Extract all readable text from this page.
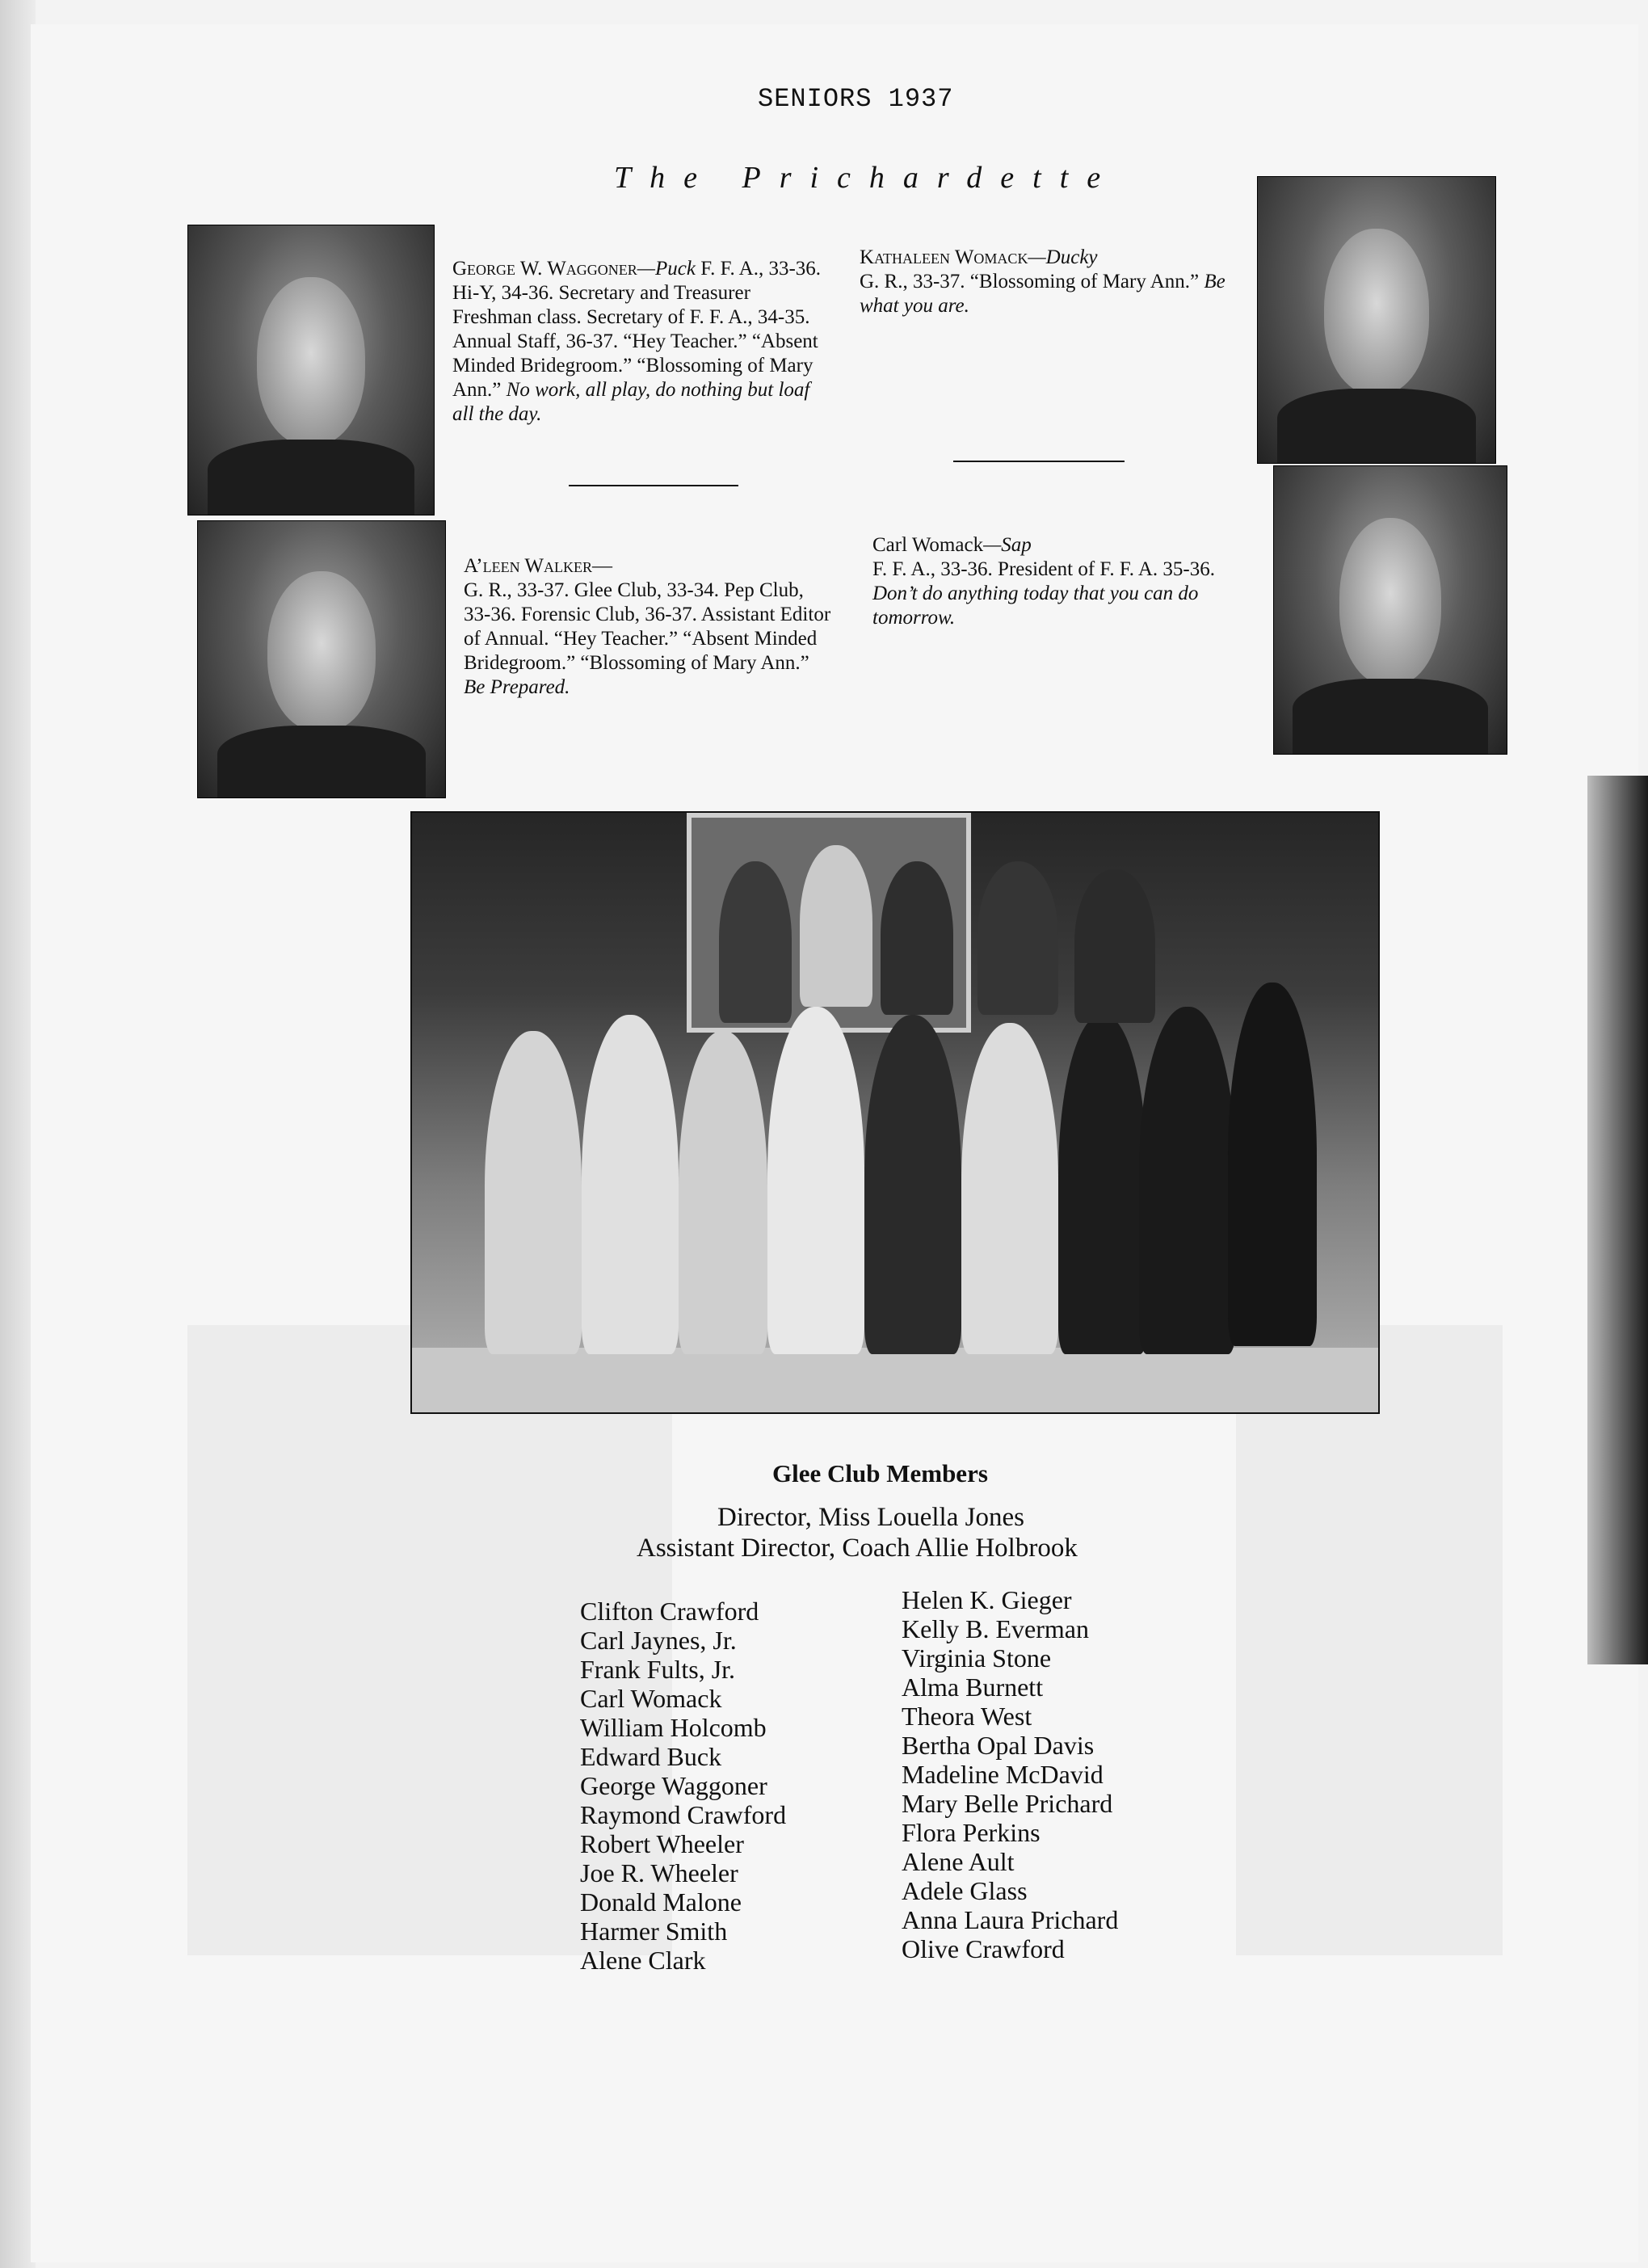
SENIORS 1937
The Prichardette
George W. Waggoner—Puck F. F. A., 33-36. Hi-Y, 34-36. Secretary and Treasurer Freshman class. Secretary of F. F. A., 34-35. Annual Staff, 36-37. “Hey Teacher.” “Absent Minded Bridegroom.” “Blossoming of Mary Ann.” No work, all play, do nothing but loaf all the day.
Kathaleen Womack—Ducky
G. R., 33-37. “Blossoming of Mary Ann.” Be what you are.
A’leen Walker—
G. R., 33-37. Glee Club, 33-34. Pep Club, 33-36. Forensic Club, 36-37. Assistant Editor of Annual. “Hey Teacher.” “Absent Minded Bridegroom.” “Blossoming of Mary Ann.” Be Prepared.
Carl Womack—Sap
F. F. A., 33-36. President of F. F. A. 35-36. Don’t do anything today that you can do tomorrow.
Glee Club Members
Director, Miss Louella Jones
Assistant Director, Coach Allie Holbrook
Clifton Crawford
Carl Jaynes, Jr.
Frank Fults, Jr.
Carl Womack
William Holcomb
Edward Buck
George Waggoner
Raymond Crawford
Robert Wheeler
Joe R. Wheeler
Donald Malone
Harmer Smith
Alene Clark
Helen K. Gieger
Kelly B. Everman
Virginia Stone
Alma Burnett
Theora West
Bertha Opal Davis
Madeline McDavid
Mary Belle Prichard
Flora Perkins
Alene Ault
Adele Glass
Anna Laura Prichard
Olive Crawford
